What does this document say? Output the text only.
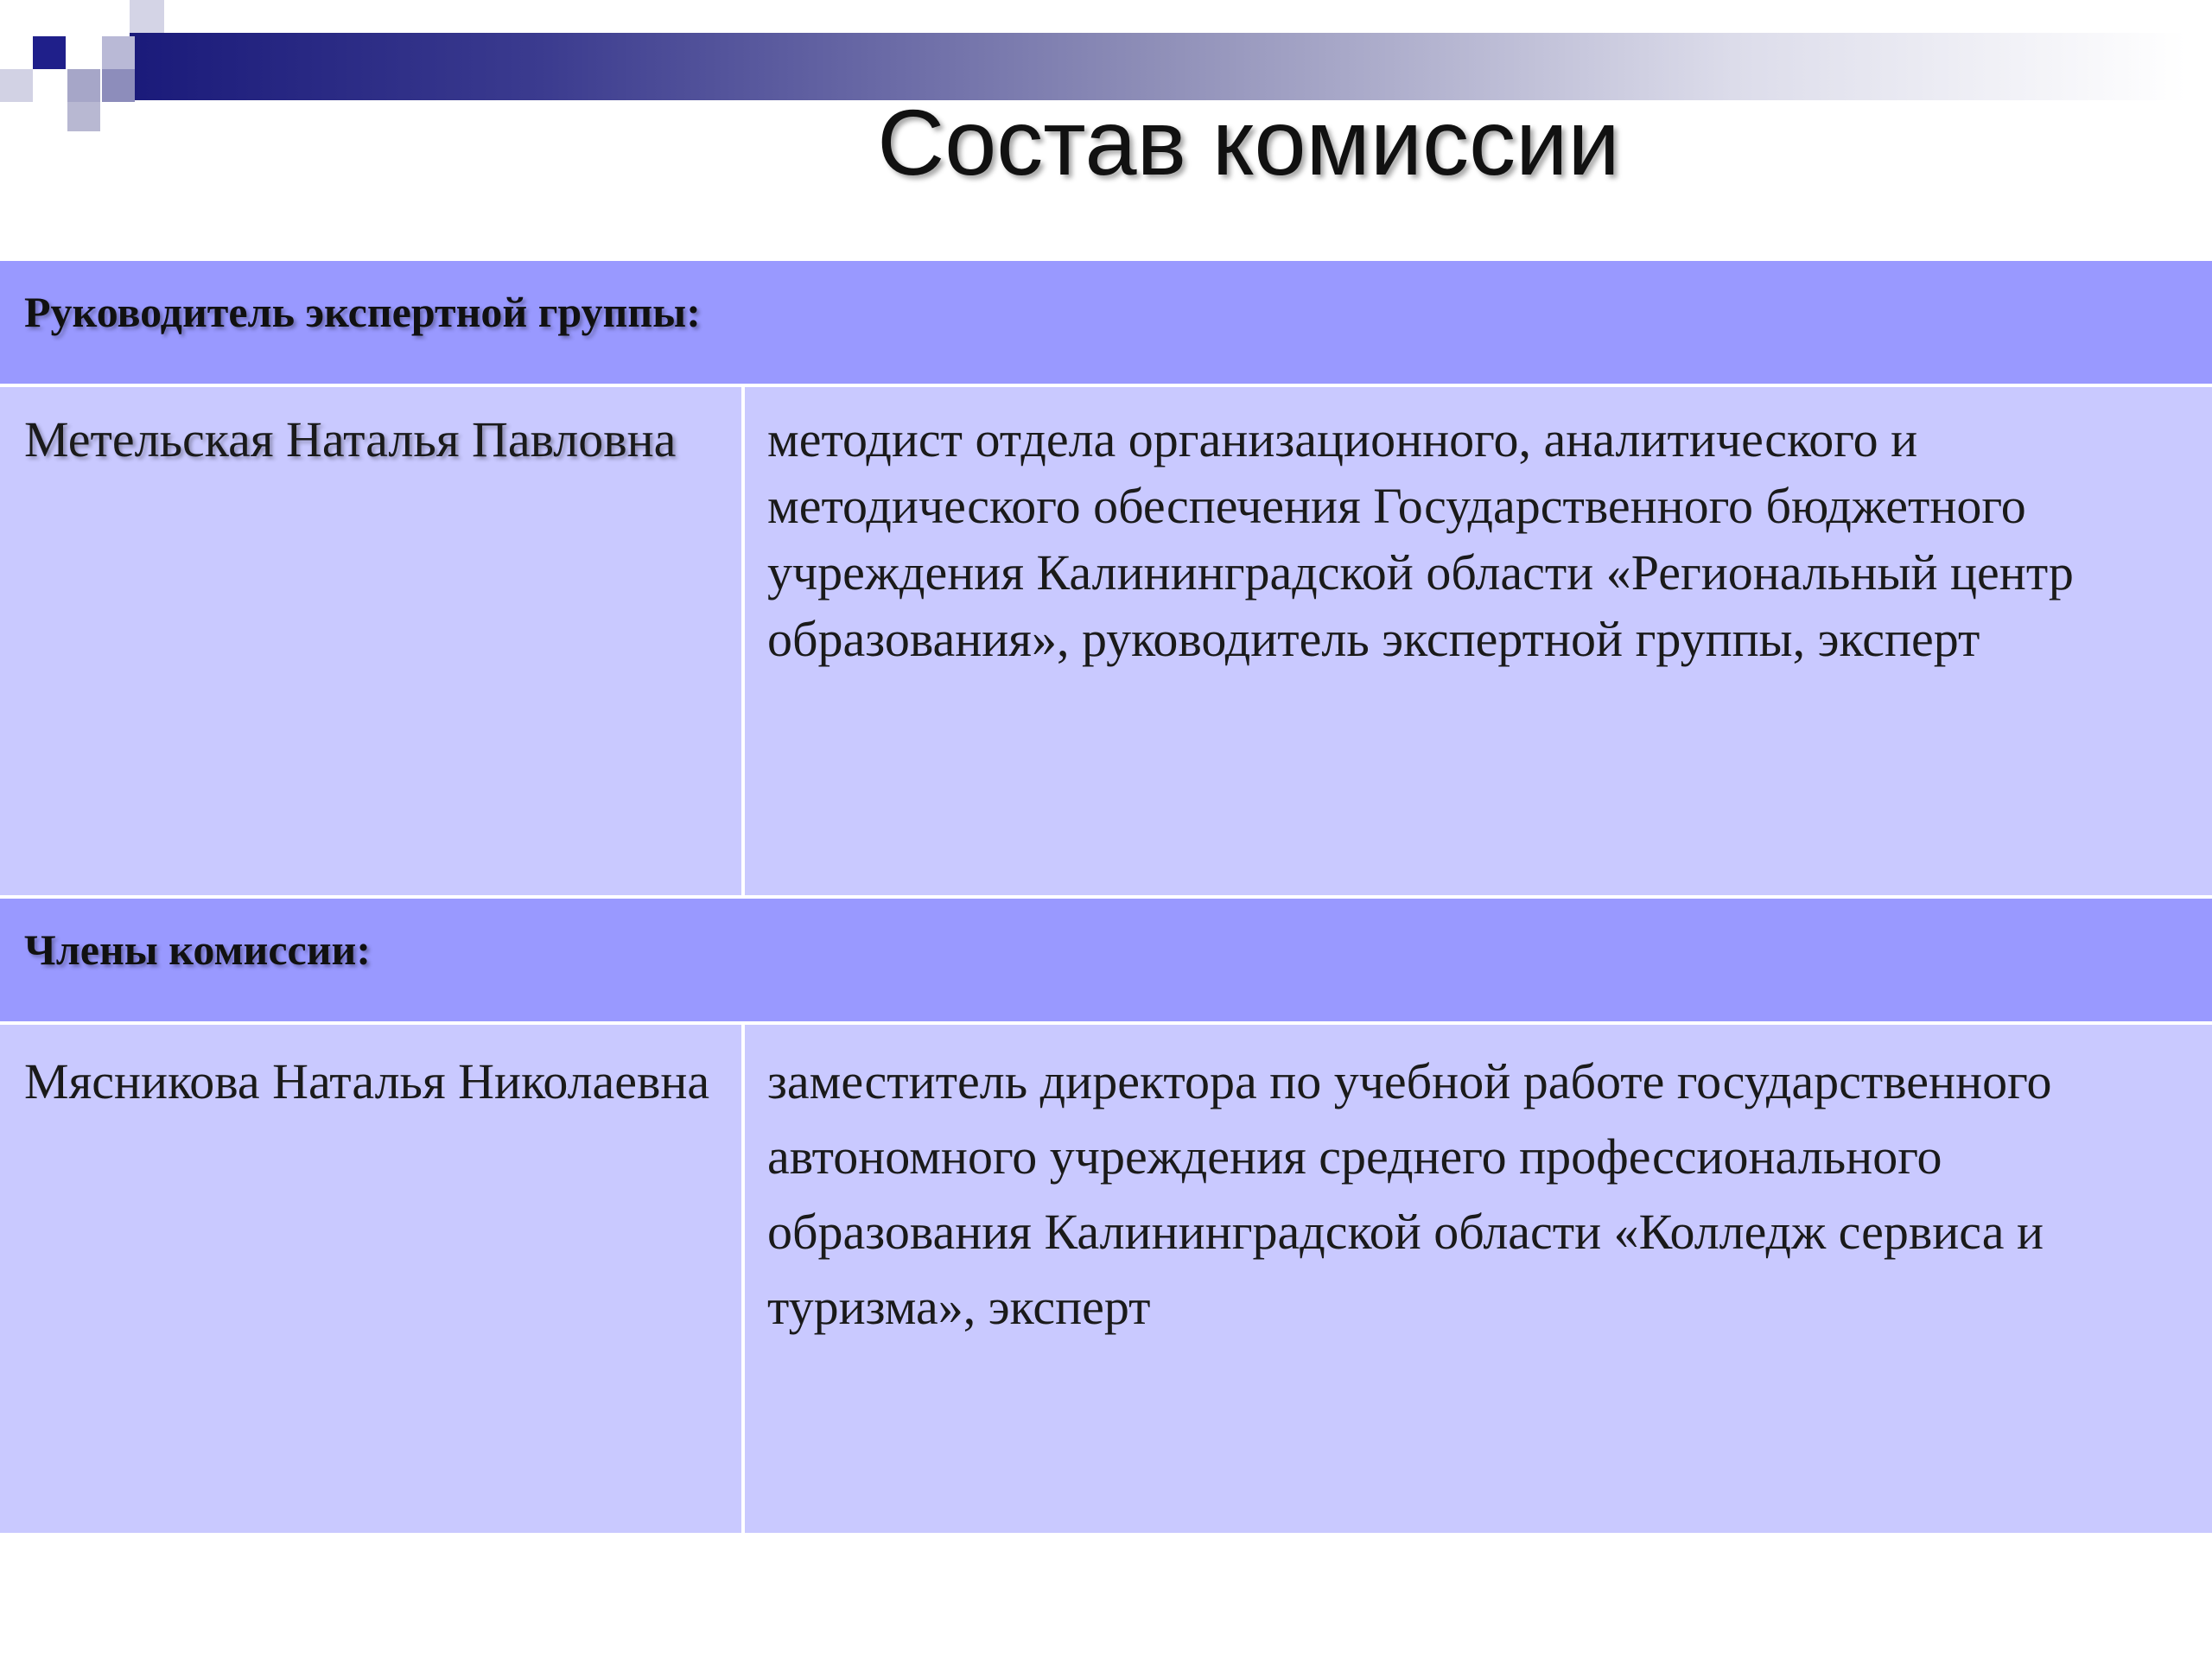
Состав комиссии
Руководитель экспертной группы:
Метельская Наталья Павловна	методист отдела организационного, аналитического и методического обеспечения Государственного бюджетного учреждения Калининградской области «Региональный центр образования», руководитель экспертной группы, эксперт
Члены комиссии:
Мясникова Наталья Николаевна	заместитель директора по учебной работе государственного автономного учреждения среднего профессионального образования Калининградской области «Колледж сервиса и туризма», эксперт
